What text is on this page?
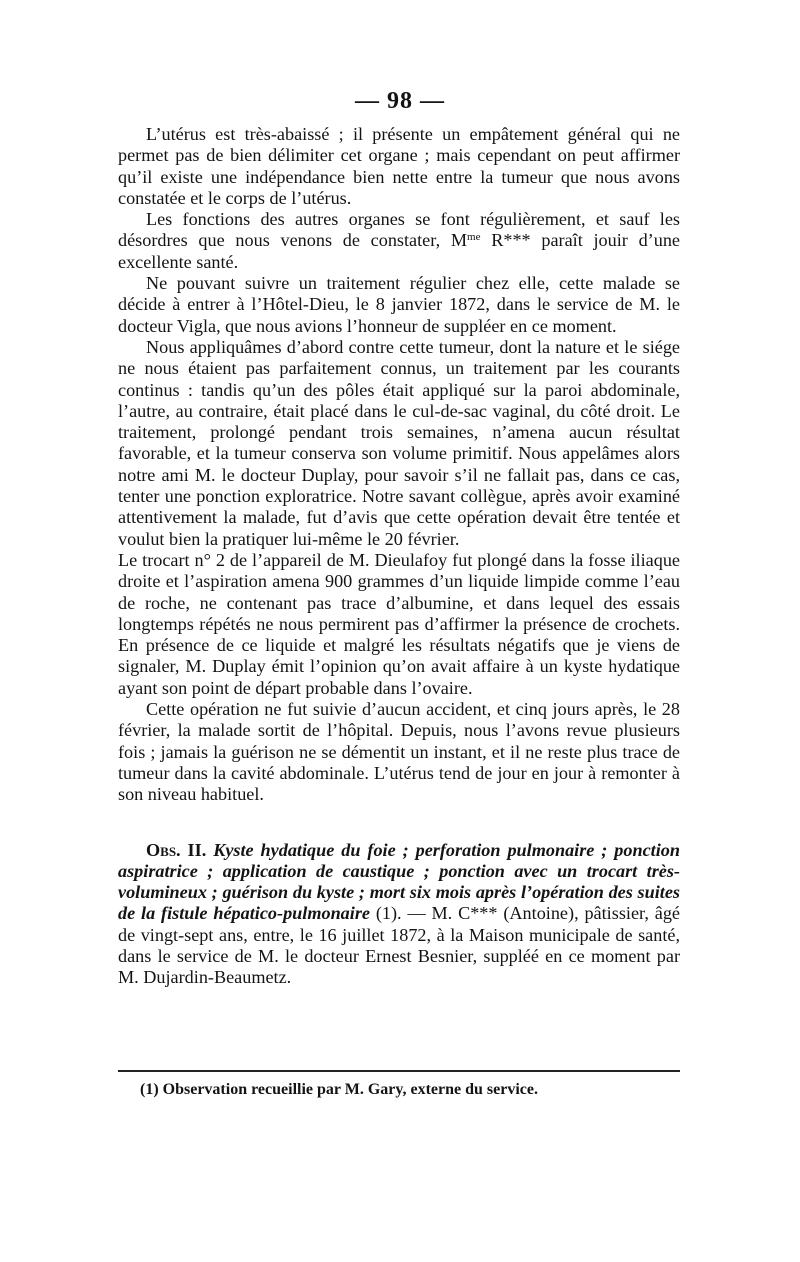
— 98 —

L’utérus est très-abaissé ; il présente un empâtement général qui ne permet pas de bien délimiter cet organe ; mais cependant on peut affirmer qu’il existe une indépendance bien nette entre la tumeur que nous avons constatée et le corps de l’utérus.

Les fonctions des autres organes se font régulièrement, et sauf les désordres que nous venons de constater, $M^{me}$ R*** paraît jouir d’une excellente santé.

Ne pouvant suivre un traitement régulier chez elle, cette malade se décide à entrer à l’Hôtel-Dieu, le 8 janvier 1872, dans le service de M. le docteur Vigla, que nous avions l’honneur de suppléer en ce moment.

Nous appliquâmes d’abord contre cette tumeur, dont la nature et le siége ne nous étaient pas parfaitement connus, un traitement par les courants continus : tandis qu’un des pôles était appliqué sur la paroi abdominale, l’autre, au contraire, était placé dans le cul-de-sac vaginal, du côté droit. Le traitement, prolongé pendant trois semaines, n’amena aucun résultat favorable, et la tumeur conserva son volume primitif. Nous appelâmes alors notre ami M. le docteur Duplay, pour savoir s’il ne fallait pas, dans ce cas, tenter une ponction exploratrice. Notre savant collègue, après avoir examiné attentivement la malade, fut d’avis que cette opération devait être tentée et voulut bien la pratiquer lui-même le 20 février.

Le trocart n° 2 de l’appareil de M. Dieulafoy fut plongé dans la fosse iliaque droite et l’aspiration amena 900 grammes d’un liquide limpide comme l’eau de roche, ne contenant pas trace d’albumine, et dans lequel des essais longtemps répétés ne nous permirent pas d’affirmer la présence de crochets. En présence de ce liquide et malgré les résultats négatifs que je viens de signaler, M. Duplay émit l’opinion qu’on avait affaire à un kyste hydatique ayant son point de départ probable dans l’ovaire.

Cette opération ne fut suivie d’aucun accident, et cinq jours après, le 28 février, la malade sortit de l’hôpital. Depuis, nous l’avons revue plusieurs fois ; jamais la guérison ne se démentit un instant, et il ne reste plus trace de tumeur dans la cavité abdominale. L’utérus tend de jour en jour à remonter à son niveau habituel.

Obs. II. Kyste hydatique du foie ; perforation pulmonaire ; ponction aspiratrice ; application de caustique ; ponction avec un trocart très-volumineux ; guérison du kyste ; mort six mois après l’opération des suites de la fistule hépatico-pulmonaire (1). — M. C*** (Antoine), pâtissier, âgé de vingt-sept ans, entre, le 16 juillet 1872, à la Maison municipale de santé, dans le service de M. le docteur Ernest Besnier, suppléé en ce moment par M. Dujardin-Beaumetz.

(1) Observation recueillie par M. Gary, externe du service.
